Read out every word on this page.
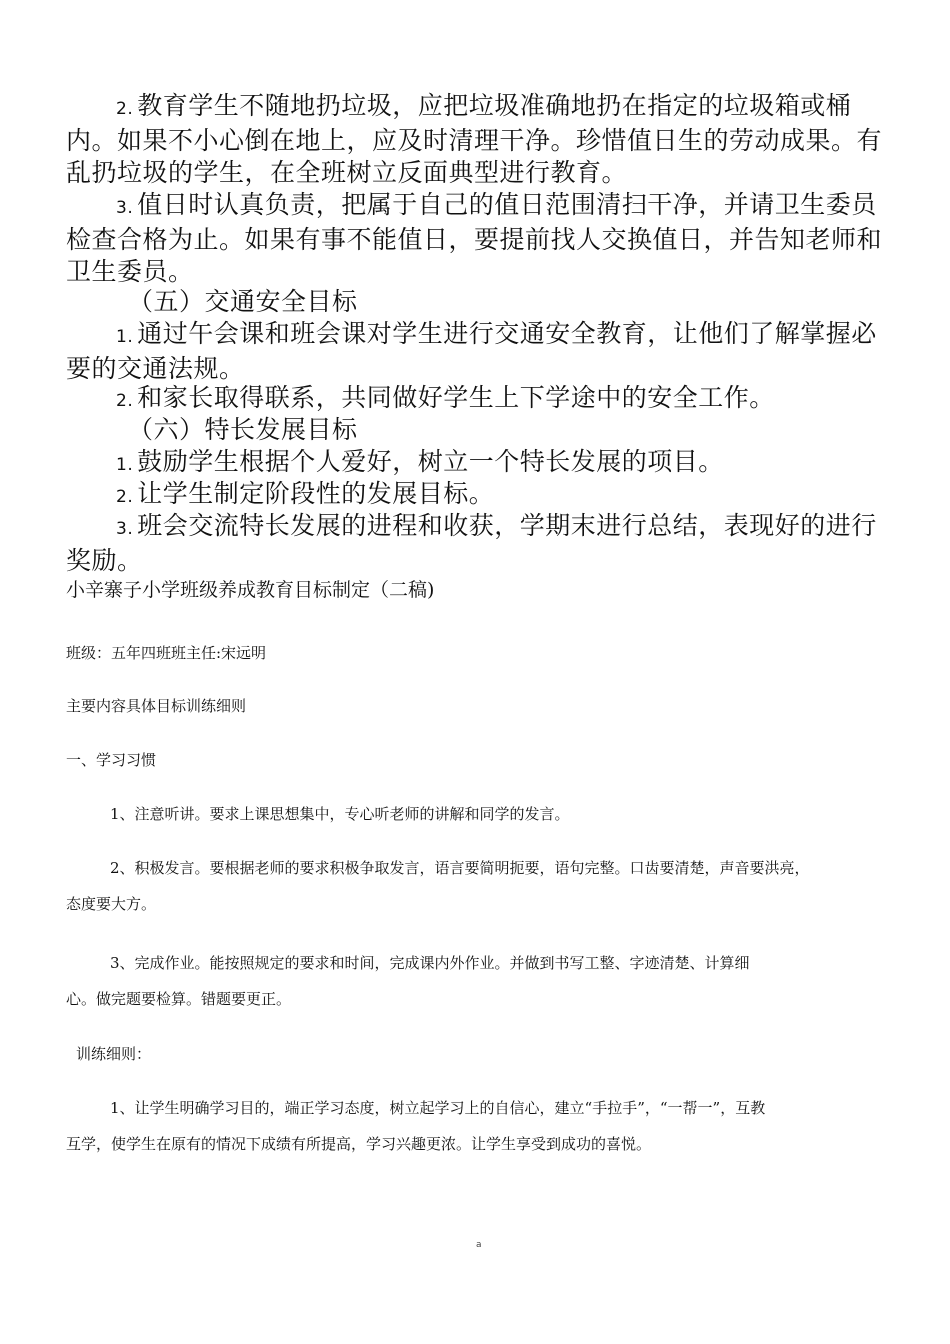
2. 教育学生不随地扔垃圾，应把垃圾准确地扔在指定的垃圾箱或桶内。如果不小心倒在地上，应及时清理干净。珍惜值日生的劳动成果。有乱扔垃圾的学生，在全班树立反面典型进行教育。
3. 值日时认真负责，把属于自己的值日范围清扫干净，并请卫生委员检查合格为止。如果有事不能值日，要提前找人交换值日，并告知老师和卫生委员。
（五）交通安全目标
1. 通过午会课和班会课对学生进行交通安全教育，让他们了解掌握必要的交通法规。
2. 和家长取得联系，共同做好学生上下学途中的安全工作。
（六）特长发展目标
1. 鼓励学生根据个人爱好，树立一个特长发展的项目。
2. 让学生制定阶段性的发展目标。
3. 班会交流特长发展的进程和收获，学期末进行总结，表现好的进行奖励。
小辛寨子小学班级养成教育目标制定（二稿)
班级：五年四班班主任:宋远明
主要内容具体目标训练细则
一、学习习惯
1、注意听讲。要求上课思想集中，专心听老师的讲解和同学的发言。
2、积极发言。要根据老师的要求积极争取发言，语言要简明扼要，语句完整。口齿要清楚，声音要洪亮，
态度要大方。
3、完成作业。能按照规定的要求和时间，完成课内外作业。并做到书写工整、字迹清楚、计算细
心。做完题要检算。错题要更正。
训练细则：
1、让学生明确学习目的，端正学习态度，树立起学习上的自信心，建立“手拉手”，“一帮一”，互教
互学，使学生在原有的情况下成绩有所提高，学习兴趣更浓。让学生享受到成功的喜悦。
a
